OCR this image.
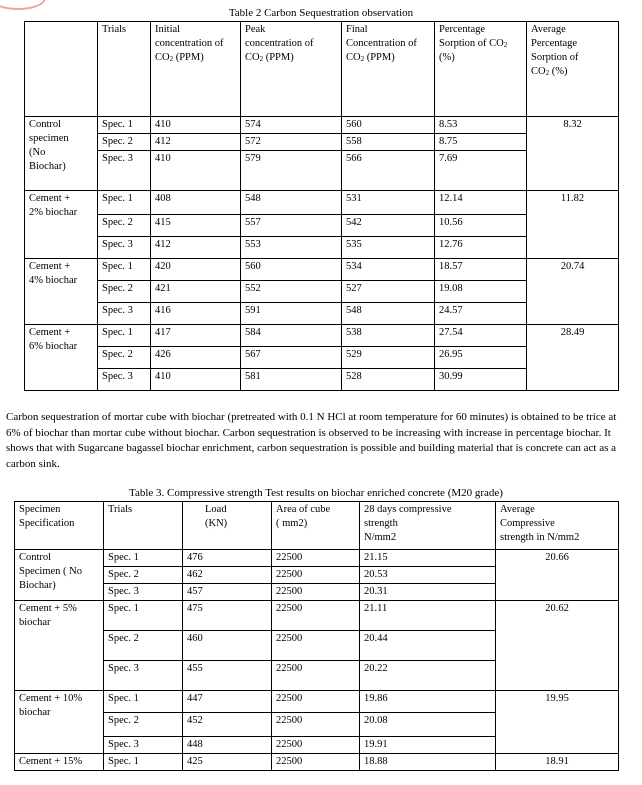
Table 2 Carbon Sequestration observation
	Trials	Initial
concentration of
$CO_2$ (PPM)	Peak
concentration of
$CO_2$ (PPM)	Final
Concentration of
$CO_2$ (PPM)	Percentage
Sorption of $CO_2$
(%)	Average
Percentage
Sorption of
$CO_2$ (%)
Control
specimen
(No
Biochar)	Spec. 1	410	574	560	8.53	8.32
	Spec. 2	412	572	558	8.75	
	Spec. 3	410	579	566	7.69	
Cement +
2% biochar	Spec. 1	408	548	531	12.14	11.82
	Spec. 2	415	557	542	10.56	
	Spec. 3	412	553	535	12.76	
Cement +
4% biochar	Spec. 1	420	560	534	18.57	20.74
	Spec. 2	421	552	527	19.08	
	Spec. 3	416	591	548	24.57	
Cement +
6% biochar	Spec. 1	417	584	538	27.54	28.49
	Spec. 2	426	567	529	26.95	
	Spec. 3	410	581	528	30.99	
Carbon sequestration of mortar cube with biochar (pretreated with 0.1 N HCl at room temperature for 60 minutes) is obtained to be trice at 6% of biochar than mortar cube without biochar. Carbon sequestration is observed to be increasing with increase in percentage biochar. It shows that with Sugarcane bagassel biochar enrichment, carbon sequestration is possible and building material that is concrete can act as a carbon sink.
Table 3. Compressive strength Test results on biochar enriched concrete (M20 grade)
Specimen
Specification	Trials	Load
(KN)	Area of cube
( mm2)	28 days compressive
strength
N/mm2	Average
Compressive
strength in N/mm2
Control
Specimen ( No
Biochar)	Spec. 1	476	22500	21.15	20.66
	Spec. 2	462	22500	20.53	
	Spec. 3	457	22500	20.31	
Cement + 5%
biochar	Spec. 1	475	22500	21.11	20.62
	Spec. 2	460	22500	20.44	
	Spec. 3	455	22500	20.22	
Cement + 10%
biochar	Spec. 1	447	22500	19.86	19.95
	Spec. 2	452	22500	20.08	
	Spec. 3	448	22500	19.91	
Cement + 15%	Spec. 1	425	22500	18.88	18.91
